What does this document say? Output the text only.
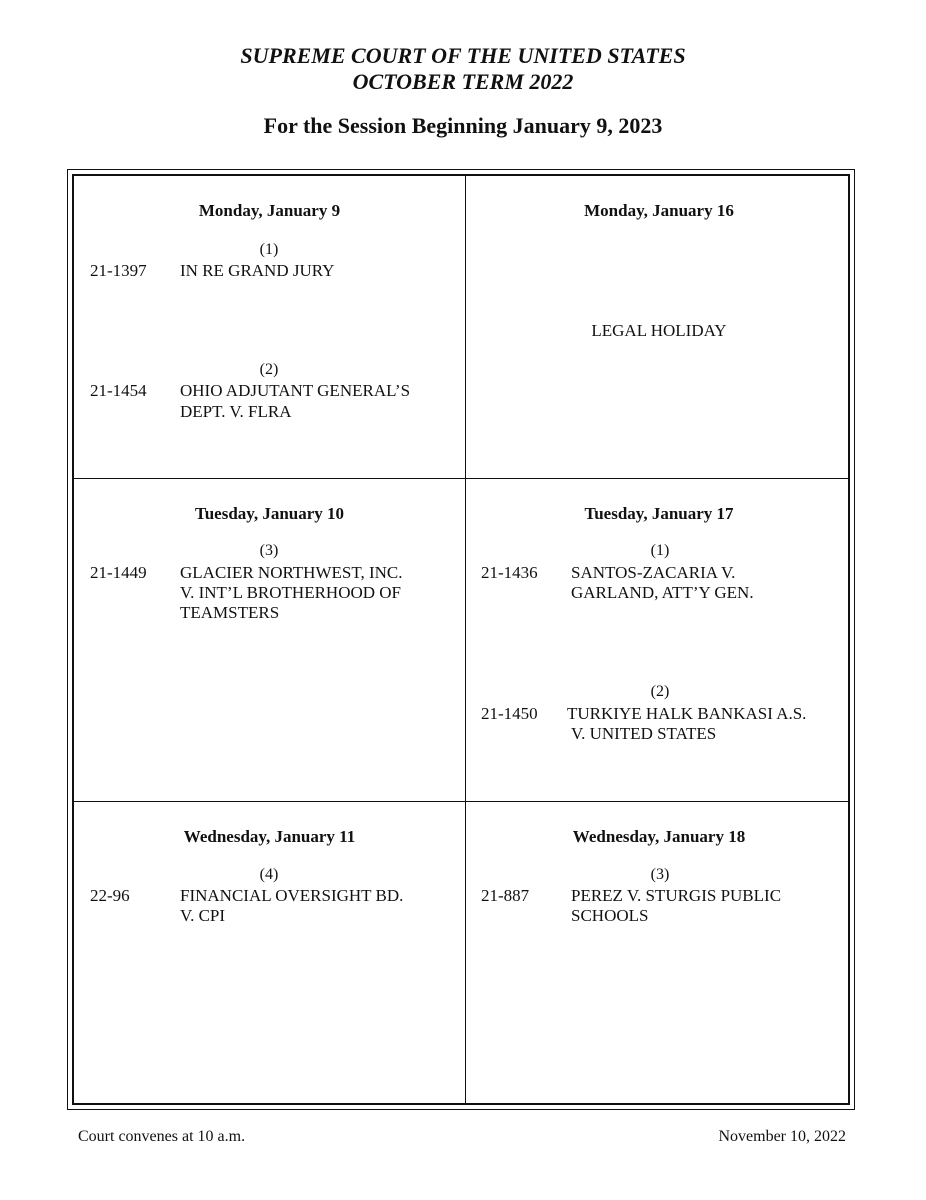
SUPREME COURT OF THE UNITED STATES
OCTOBER TERM 2022
For the Session Beginning January 9, 2023
Monday, January 9
(1)
21-1397 IN RE GRAND JURY
(2)
21-1454 OHIO ADJUTANT GENERAL’S
DEPT. V. FLRA
Monday, January 16
LEGAL HOLIDAY
Tuesday, January 10
(3)
21-1449 GLACIER NORTHWEST, INC.
V. INT’L BROTHERHOOD OF
TEAMSTERS
Tuesday, January 17
(1)
21-1436 SANTOS-ZACARIA V.
GARLAND, ATT’Y GEN.
(2)
21-1450 TURKIYE HALK BANKASI A.S.
V. UNITED STATES
Wednesday, January 11
(4)
22-96	FINANCIAL OVERSIGHT BD.
V. CPI
Wednesday, January 18
(3)
21-887 PEREZ V. STURGIS PUBLIC
SCHOOLS
Court convenes at 10 a.m.	November 10, 2022
